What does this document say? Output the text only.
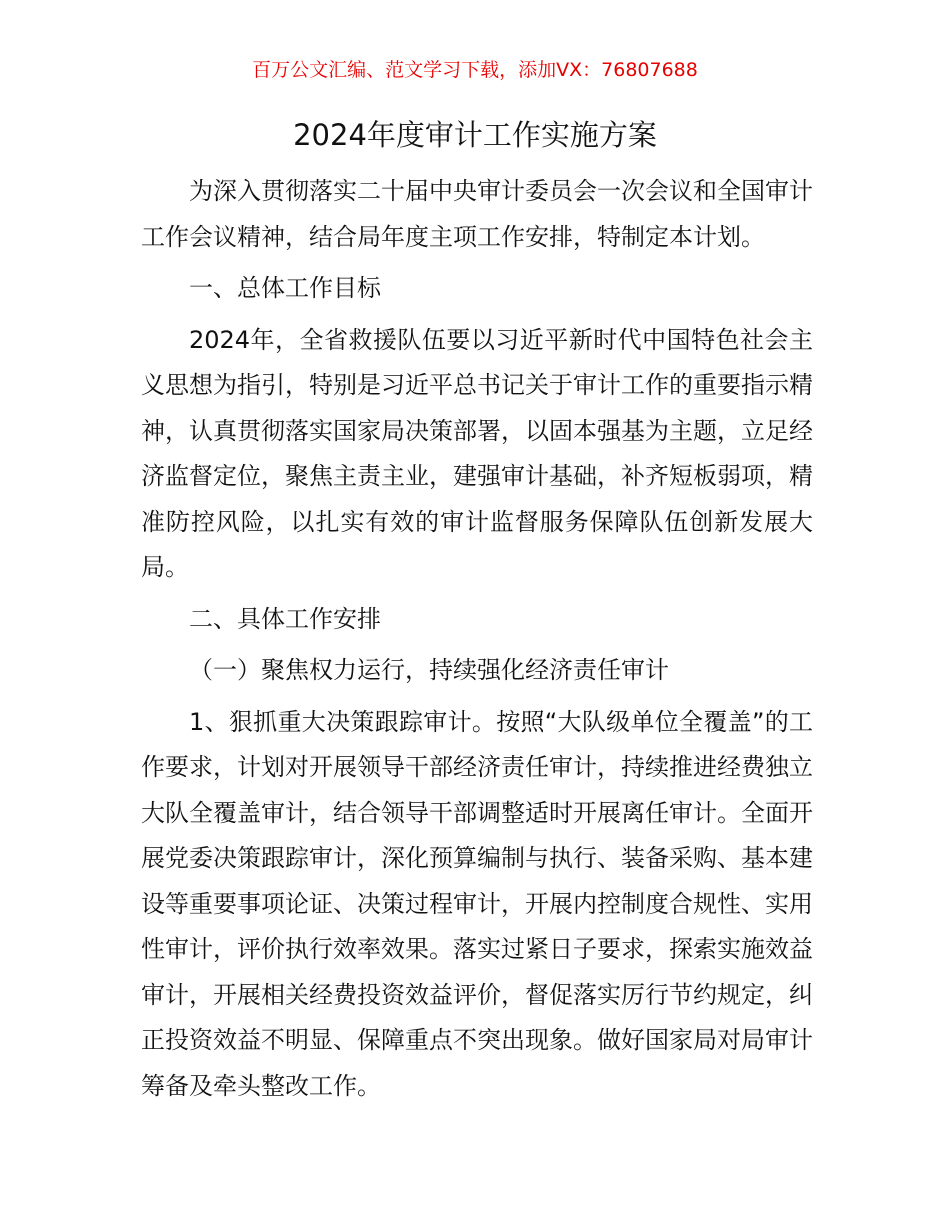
百万公文汇编、范文学习下载，添加VX：76807688
2024年度审计工作实施方案

为深入贯彻落实二十届中央审计委员会一次会议和全国审计工作会议精神，结合局年度主项工作安排，特制定本计划。

一、总体工作目标

2024年，全省救援队伍要以习近平新时代中国特色社会主义思想为指引，特别是习近平总书记关于审计工作的重要指示精神，认真贯彻落实国家局决策部署，以固本强基为主题，立足经济监督定位，聚焦主责主业，建强审计基础，补齐短板弱项，精准防控风险，以扎实有效的审计监督服务保障队伍创新发展大局。

二、具体工作安排

（一）聚焦权力运行，持续强化经济责任审计

1、狠抓重大决策跟踪审计。按照“大队级单位全覆盖”的工作要求，计划对开展领导干部经济责任审计，持续推进经费独立大队全覆盖审计，结合领导干部调整适时开展离任审计。全面开展党委决策跟踪审计，深化预算编制与执行、装备采购、基本建设等重要事项论证、决策过程审计，开展内控制度合规性、实用性审计，评价执行效率效果。落实过紧日子要求，探索实施效益审计，开展相关经费投资效益评价，督促落实厉行节约规定，纠正投资效益不明显、保障重点不突出现象。做好国家局对局审计筹备及牵头整改工作。
